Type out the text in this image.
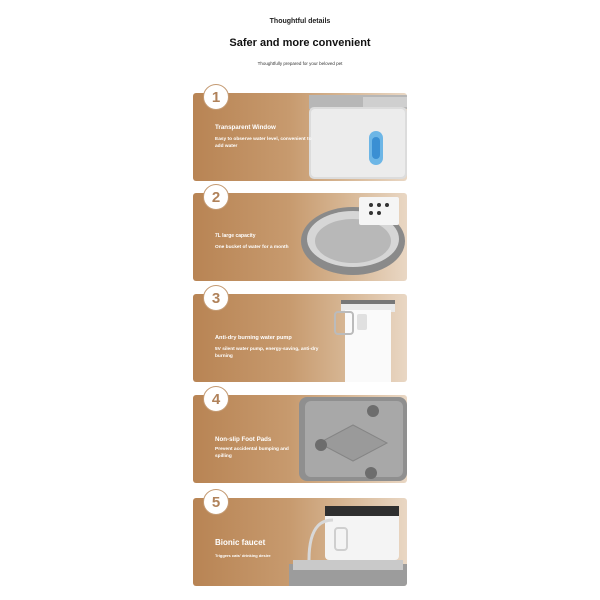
Thoughtful details
Safer and more convenient
Thoughtfully prepared for your beloved pet
Transparent Window
Easy to observe water level, convenient to add water
1
7L large capacity
One bucket of water for a month
2
Anti-dry burning water pump
5V silent water pump, energy-saving, anti-dry burning
3
Non-slip Foot Pads
Prevent accidental bumping and spilling
4
Bionic faucet
Triggers cats' drinking desire
5
